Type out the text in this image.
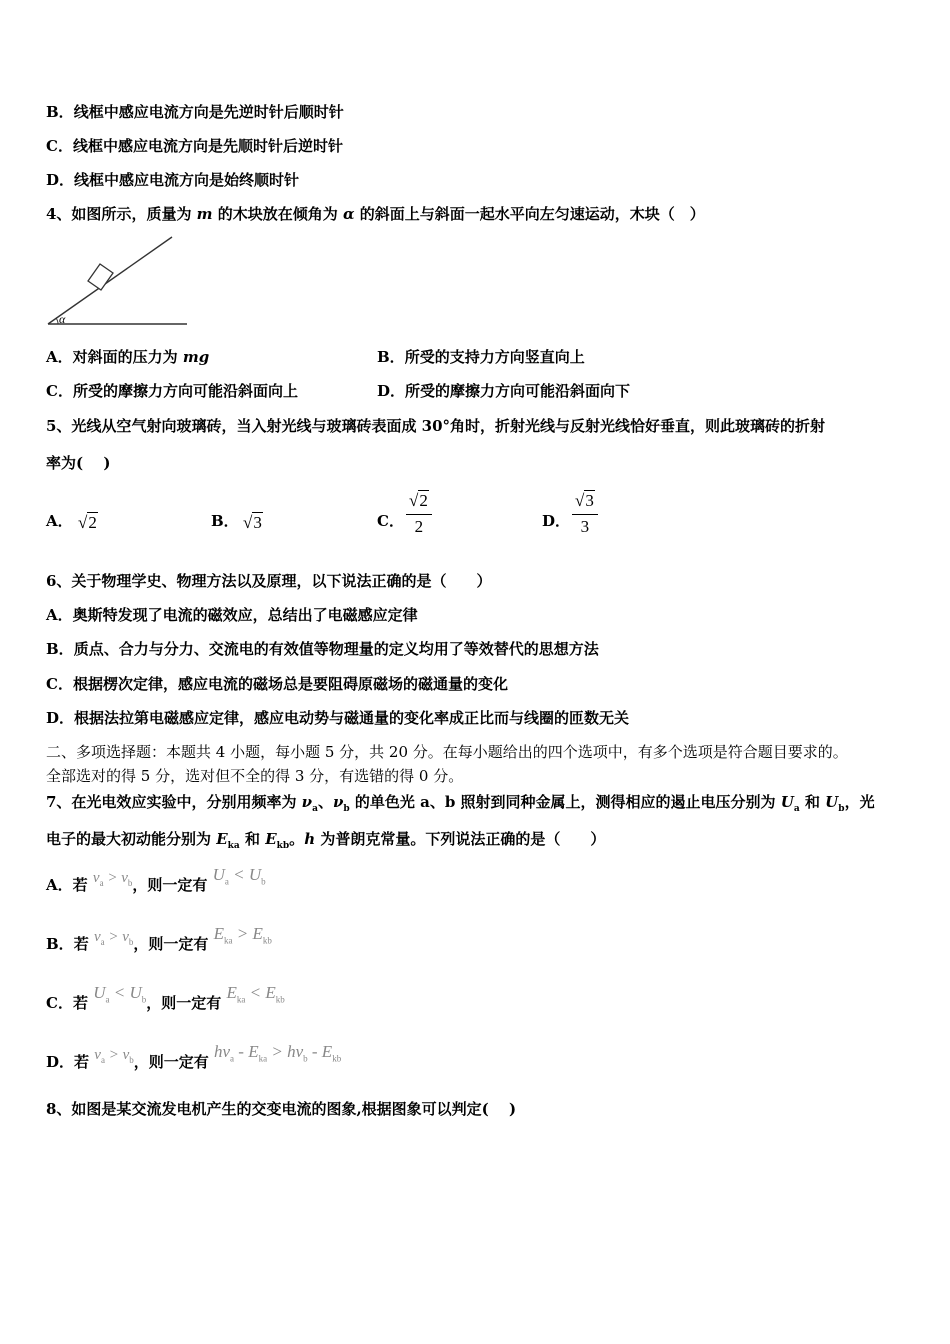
B．线框中感应电流方向是先逆时针后顺时针
C．线框中感应电流方向是先顺时针后逆时针
D．线框中感应电流方向是始终顺时针
4、如图所示，质量为 m 的木块放在倾角为 α 的斜面上与斜面一起水平向左匀速运动，木块（　）
α
A．对斜面的压力为 mg	B．所受的支持力方向竖直向上
C．所受的摩擦力方向可能沿斜面向上	D．所受的摩擦力方向可能沿斜面向下
5、光线从空气射向玻璃砖，当入射光线与玻璃砖表面成 30°角时，折射光线与反射光线恰好垂直，则此玻璃砖的折射
率为(　 )
A． √2	B． √3	C． $\frac{√2}{2}$	D． $\frac{√3}{3}$
6、关于物理学史、物理方法以及原理，以下说法正确的是（　　）
A．奥斯特发现了电流的磁效应，总结出了电磁感应定律
B．质点、合力与分力、交流电的有效值等物理量的定义均用了等效替代的思想方法
C．根据楞次定律，感应电流的磁场总是要阻碍原磁场的磁通量的变化
D．根据法拉第电磁感应定律，感应电动势与磁通量的变化率成正比而与线圈的匝数无关
二、多项选择题：本题共 4 小题，每小题 5 分，共 20 分。在每小题给出的四个选项中，有多个选项是符合题目要求的。
全部选对的得 5 分，选对但不全的得 3 分，有选错的得 0 分。
7、在光电效应实验中，分别用频率为 $\nu_a$、$\nu_b$ 的单色光 a、b 照射到同种金属上，测得相应的遏止电压分别为 $U_a$ 和 $U_b$，光
电子的最大初动能分别为 $E_{ka}$ 和 $E_{kb}$。h 为普朗克常量。下列说法正确的是（　　）
A．若 $\nu_a > \nu_b$，则一定有 $U_a < U_b$
B．若 $\nu_a > \nu_b$，则一定有 $E_{ka} > E_{kb}$
C．若 $U_a < U_b$，则一定有 $E_{ka} < E_{kb}$
D．若 $\nu_a > \nu_b$，则一定有 $h\nu_a - E_{ka} > h\nu_b - E_{kb}$
8、如图是某交流发电机产生的交变电流的图象,根据图象可以判定(　 )
